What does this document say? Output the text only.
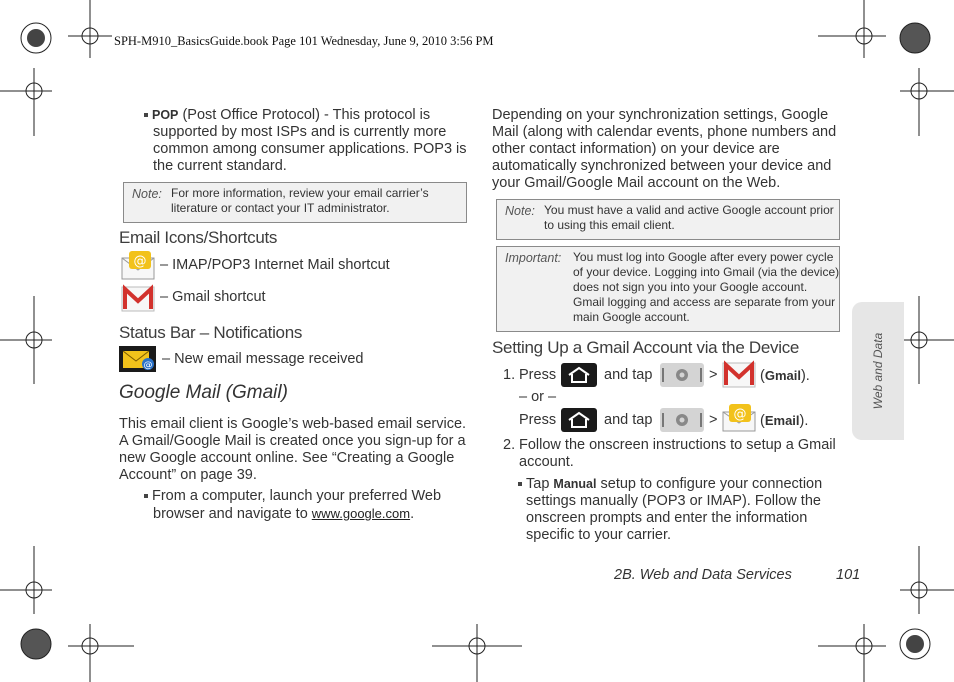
SPH-M910_BasicsGuide.book Page 101 Wednesday, June 9, 2010 3:56 PM
POP (Post Office Protocol) - This protocol is
supported by most ISPs and is currently more
common among consumer applications. POP3 is
the current standard.
Note: For more information, review your email carrier’s
literature or contact your IT administrator.
Email Icons/Shortcuts
@ – IMAP/POP3 Internet Mail shortcut
– Gmail shortcut
Status Bar – Notifications
@ – New email message received
Google Mail (Gmail)
This email client is Google’s web-based email service.
A Gmail/Google Mail is created once you sign-up for a
new Google account online. See “Creating a Google
Account” on page 39.
From a computer, launch your preferred Web
browser and navigate to www.google.com.
Depending on your synchronization settings, Google
Mail (along with calendar events, phone numbers and
other contact information) on your device are
automatically synchronized between your device and
your Gmail/Google Mail account on the Web.
Note: You must have a valid and active Google account prior
to using this email client.
Important: You must log into Google after every power cycle
of your device. Logging into Gmail (via the device)
does not sign you into your Google account.
Gmail logging and access are separate from your
main Google account.
Setting Up a Gmail Account via the Device
1. Press	and tap	>	(Gmail).
– or –
Press	and tap	> @ (Email).
2. Follow the onscreen instructions to setup a Gmail
account.
Tap Manual setup to configure your connection
settings manually (POP3 or IMAP). Follow the
onscreen prompts and enter the information
specific to your carrier.
Web and Data
2B. Web and Data Services	101
